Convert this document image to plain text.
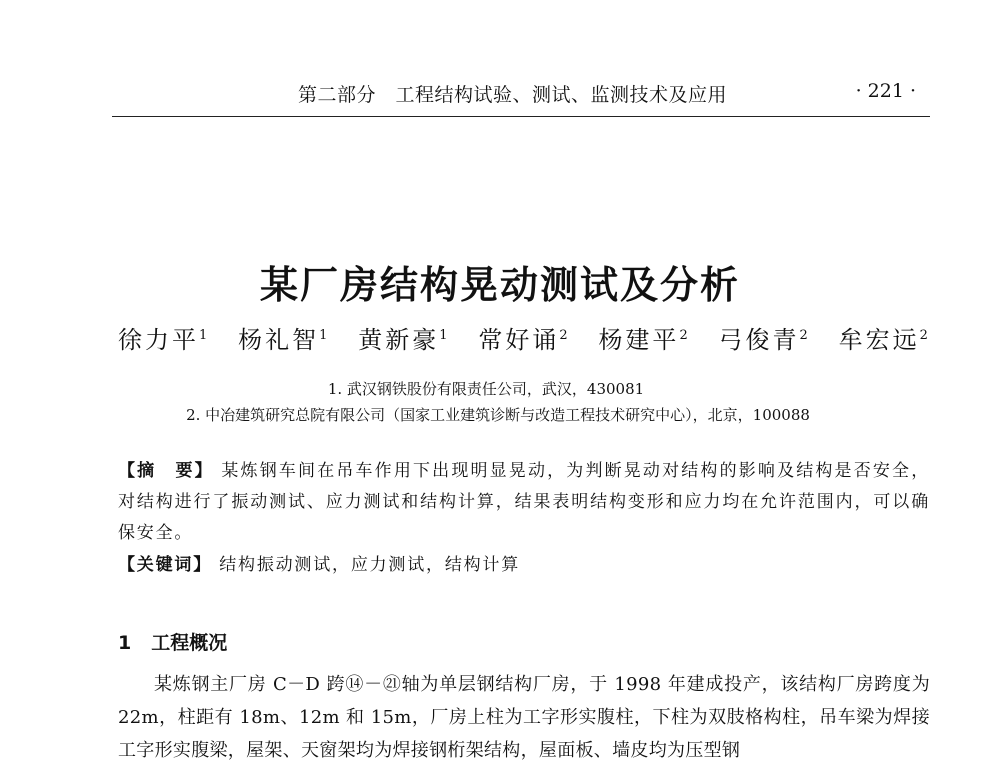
第二部分　工程结构试验、测试、监测技术及应用	· 221 ·
某厂房结构晃动测试及分析
徐力平$^1$ 杨礼智$^1$ 黄新豪$^1$ 常好诵$^2$ 杨建平$^2$ 弓俊青$^2$ 牟宏远$^2$
1. 武汉钢铁股份有限责任公司，武汉，430081
2. 中冶建筑研究总院有限公司（国家工业建筑诊断与改造工程技术研究中心），北京，100088
【摘　要】 某炼钢车间在吊车作用下出现明显晃动，为判断晃动对结构的影响及结构是否安全，对结构进行了振动测试、应力测试和结构计算，结果表明结构变形和应力均在允许范围内，可以确保安全。
【关键词】 结构振动测试，应力测试，结构计算
1 工程概况
某炼钢主厂房 C－D 跨⑭－㉑轴为单层钢结构厂房，于 1998 年建成投产，该结构厂房跨度为 22m，柱距有 18m、12m 和 15m，厂房上柱为工字形实腹柱，下柱为双肢格构柱，吊车梁为焊接工字形实腹梁，屋架、天窗架均为焊接钢桁架结构，屋面板、墙皮均为压型钢
